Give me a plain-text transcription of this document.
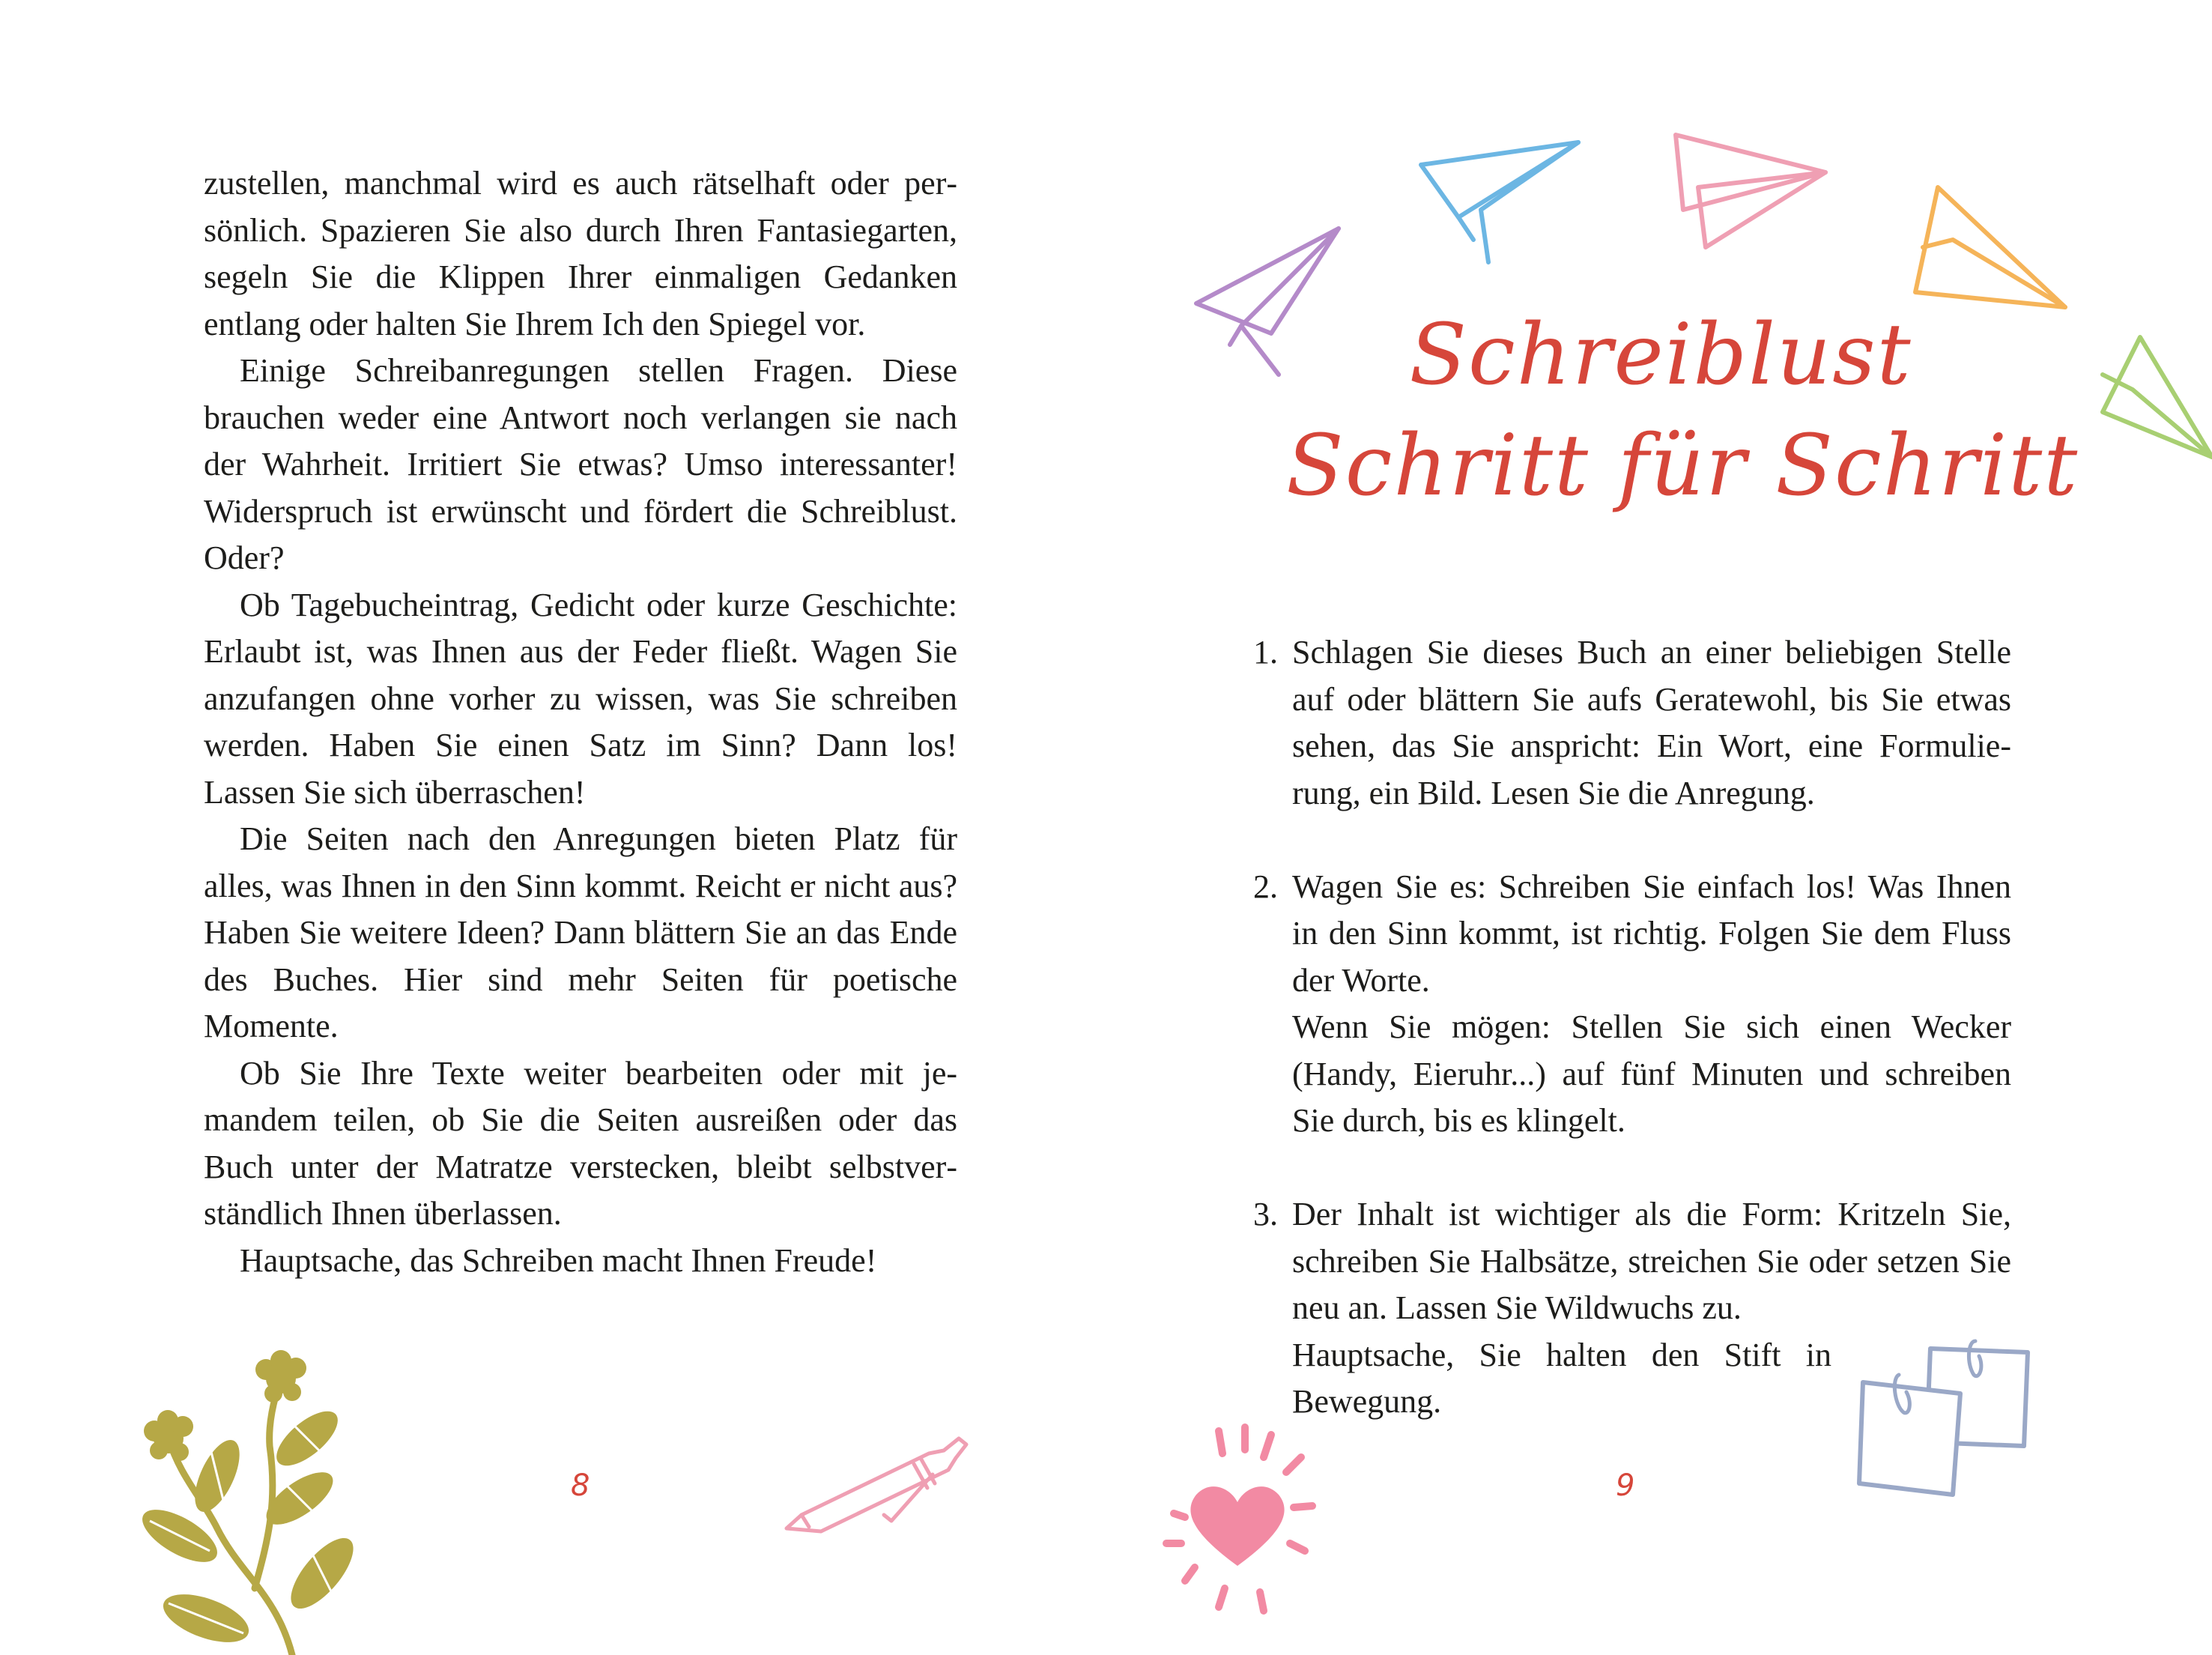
zustellen, manchmal wird es auch rätselhaft oder persönlich. Spazieren Sie also durch Ihren Fantasiegarten, segeln Sie die Klippen Ihrer einmaligen Gedanken entlang oder halten Sie Ihrem Ich den Spiegel vor.

Einige Schreibanregungen stellen Fragen. Diese brauchen weder eine Antwort noch verlangen sie nach der Wahrheit. Irritiert Sie etwas? Umso interessanter! Widerspruch ist erwünscht und fördert die Schreiblust. Oder?

Ob Tagebucheintrag, Gedicht oder kurze Geschichte: Erlaubt ist, was Ihnen aus der Feder fließt. Wagen Sie anzufangen ohne vorher zu wissen, was Sie schreiben werden. Haben Sie einen Satz im Sinn? Dann los! Lassen Sie sich überraschen!

Die Seiten nach den Anregungen bieten Platz für alles, was Ihnen in den Sinn kommt. Reicht er nicht aus? Haben Sie weitere Ideen? Dann blättern Sie an das Ende des Buches. Hier sind mehr Seiten für poetische Momente.

Ob Sie Ihre Texte weiter bearbeiten oder mit jemandem teilen, ob Sie die Seiten ausreißen oder das Buch unter der Matratze verstecken, bleibt selbstverständlich Ihnen überlassen.

Hauptsache, das Schreiben macht Ihnen Freude!

8
Schreiblust
Schritt für Schritt
1. Schlagen Sie dieses Buch an einer beliebigen Stelle auf oder blättern Sie aufs Geratewohl, bis Sie etwas sehen, das Sie anspricht: Ein Wort, eine Formulierung, ein Bild. Lesen Sie die Anregung.
2. Wagen Sie es: Schreiben Sie einfach los! Was Ihnen in den Sinn kommt, ist richtig. Folgen Sie dem Fluss der Worte.
Wenn Sie mögen: Stellen Sie sich einen Wecker (Handy, Eieruhr...) auf fünf Minuten und schreiben Sie durch, bis es klingelt.
3. Der Inhalt ist wichtiger als die Form: Kritzeln Sie, schreiben Sie Halbsätze, streichen Sie oder setzen Sie neu an. Lassen Sie Wildwuchs zu.
Hauptsache, Sie halten den Stift in Bewegung.
9
